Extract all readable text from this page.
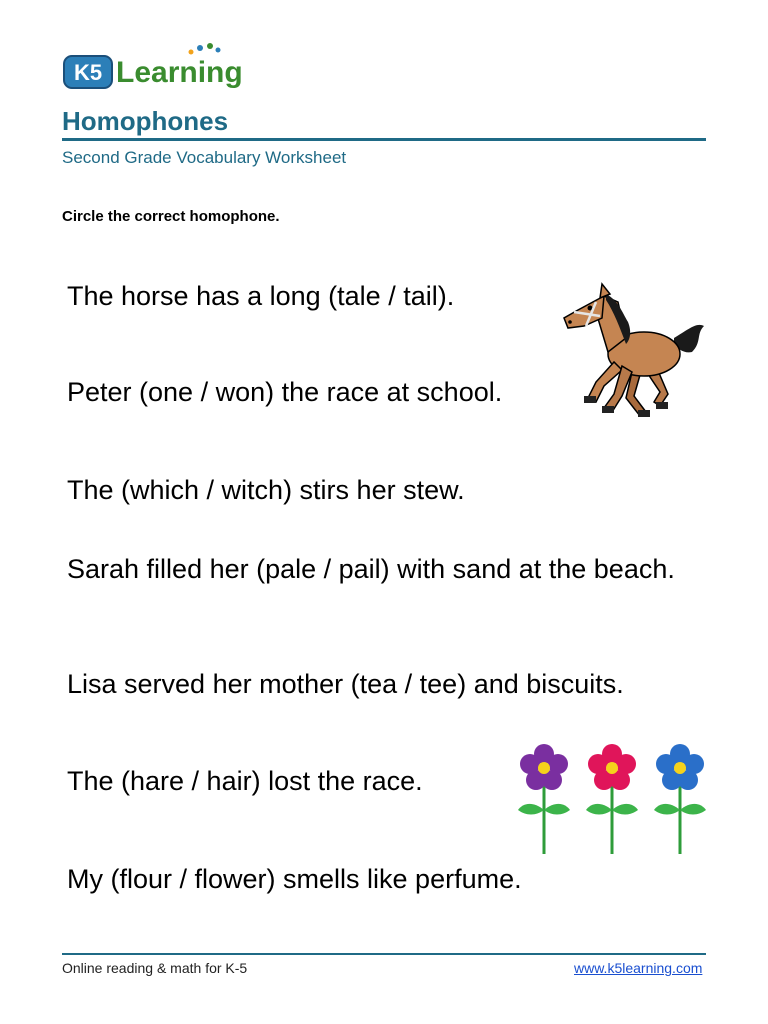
K5 Learning
Homophones
Second Grade Vocabulary Worksheet
Circle the correct homophone.
The horse has a long (tale / tail).
Peter (one / won) the race at school.
The (which / witch) stirs her stew.
Sarah filled her (pale / pail) with sand at the beach.
Lisa served her mother (tea / tee) and biscuits.
The (hare / hair) lost the race.
My (flour / flower) smells like perfume.
Online reading & math for K-5	www.k5learning.com
